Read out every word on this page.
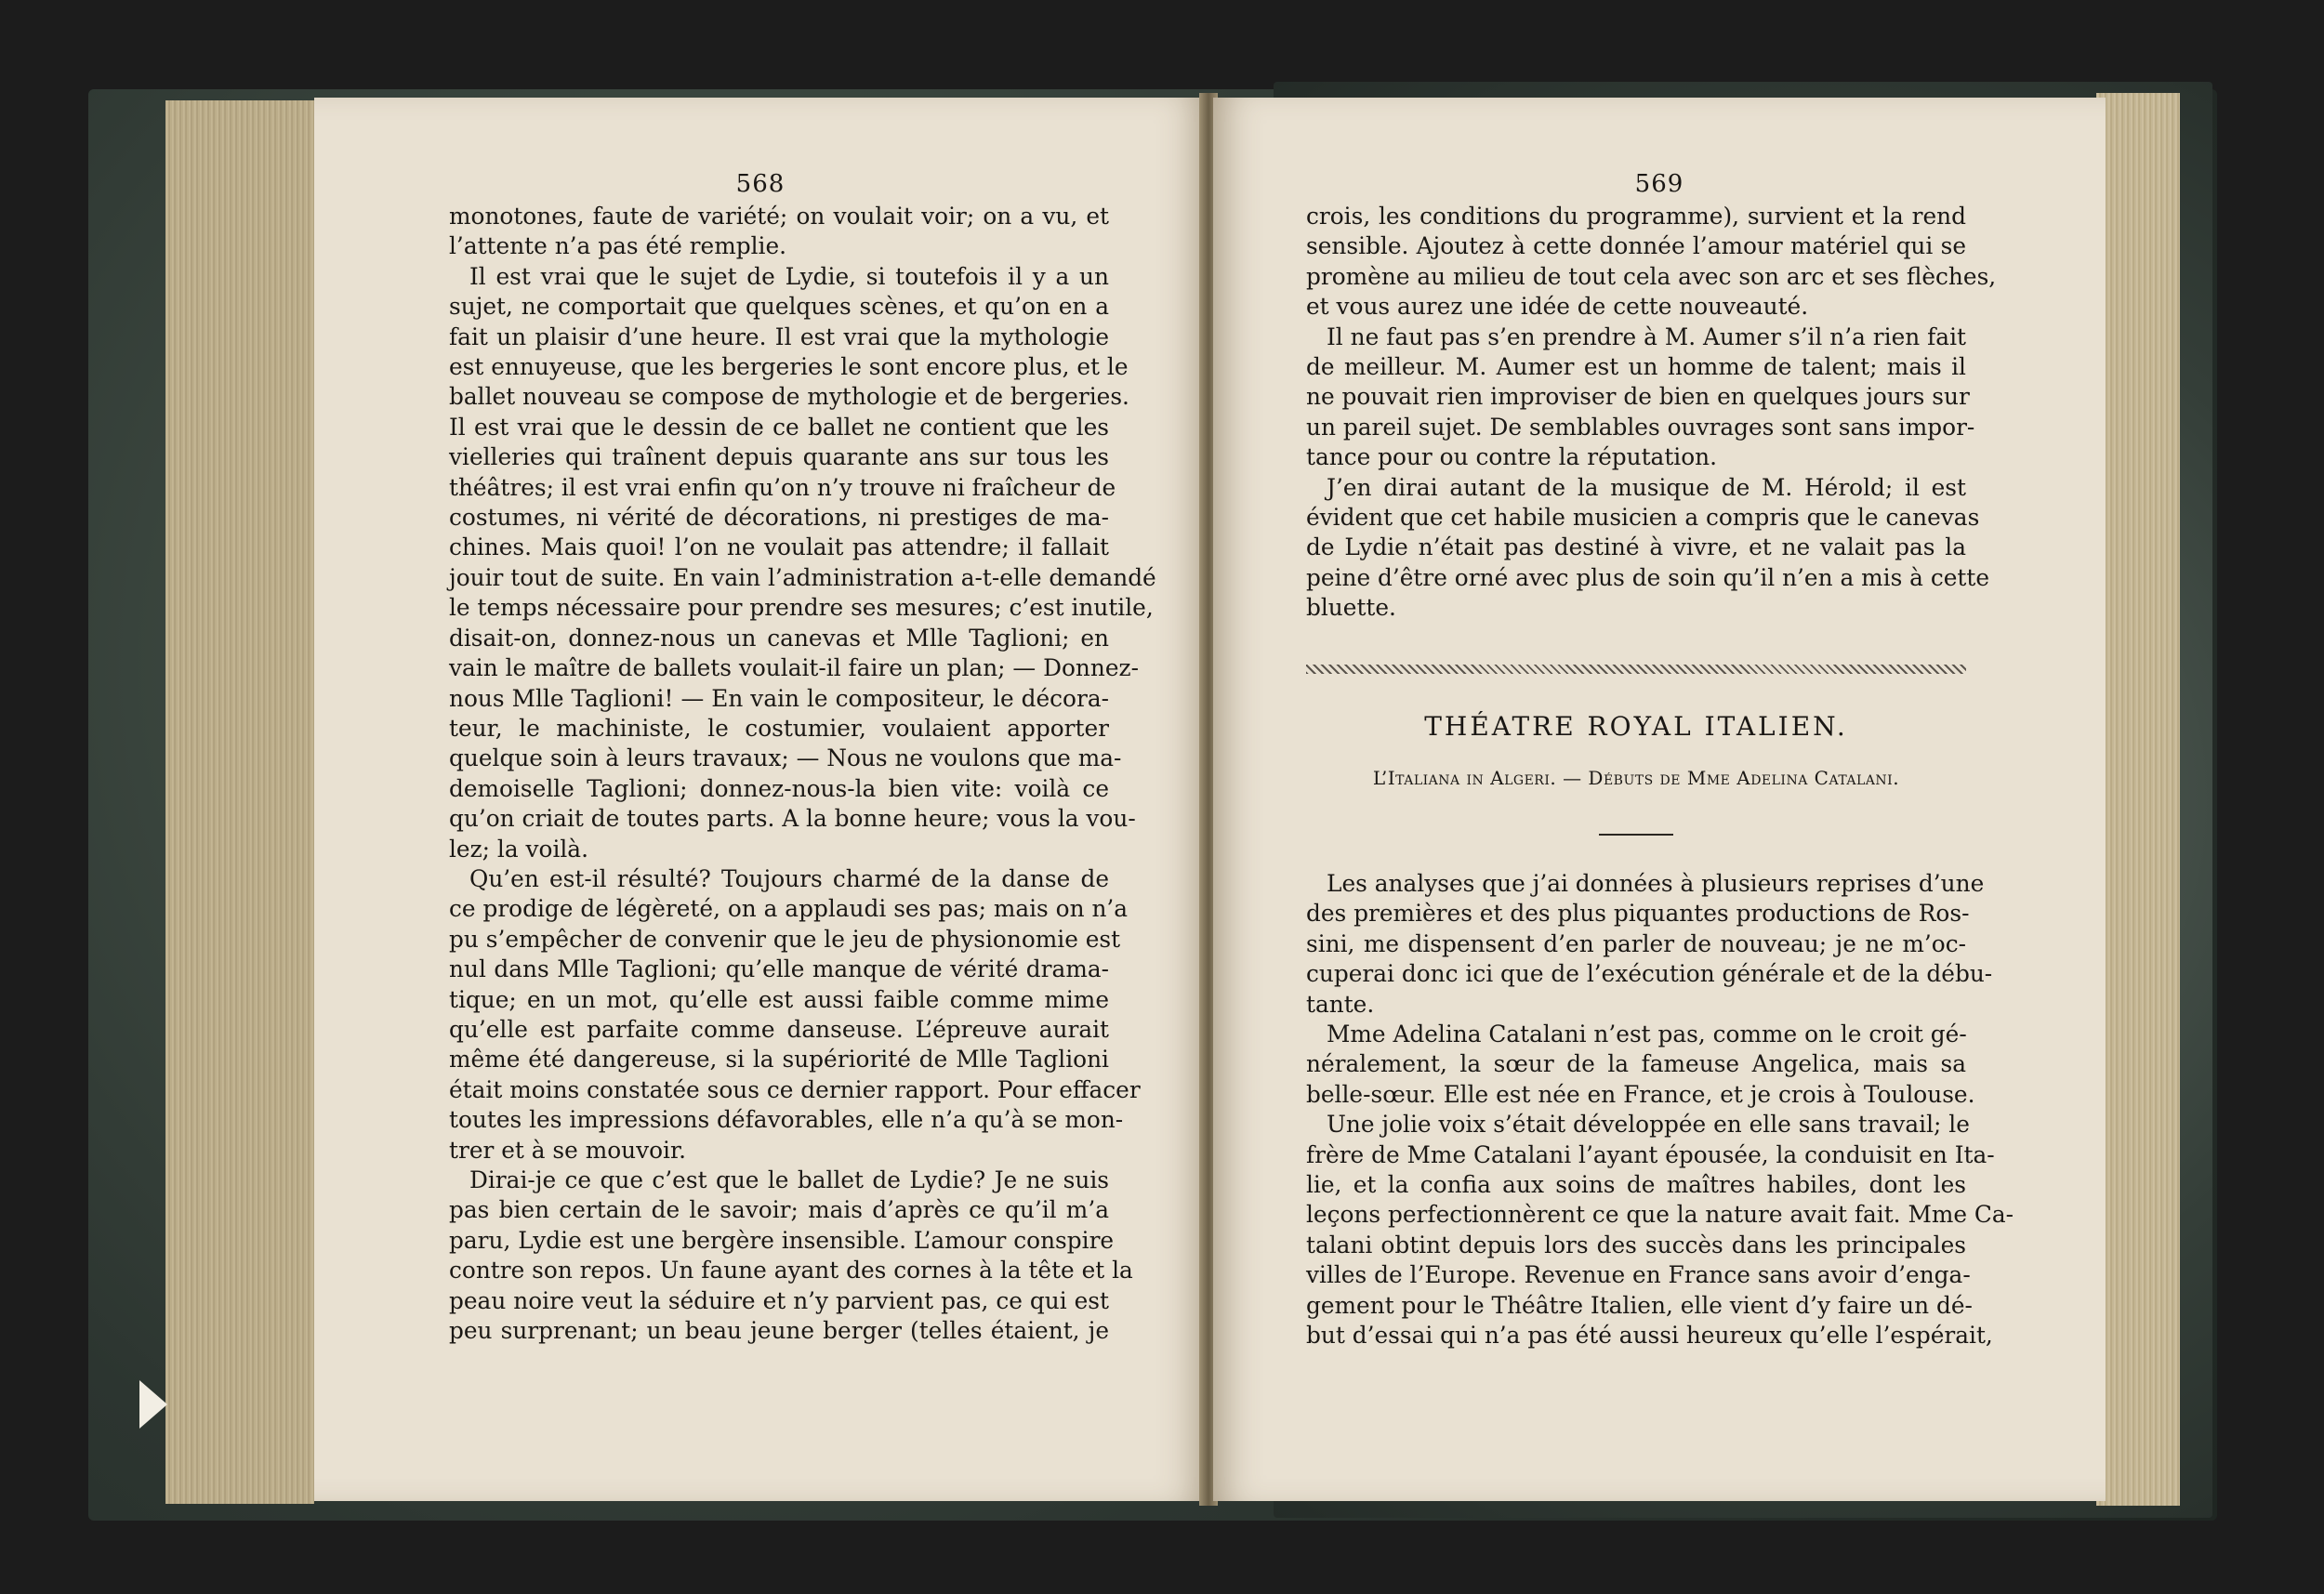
568
monotones, faute de variété; on voulait voir; on a vu, et
l’attente n’a pas été remplie.
Il est vrai que le sujet de Lydie, si toutefois il y a un
sujet, ne comportait que quelques scènes, et qu’on en a
fait un plaisir d’une heure. Il est vrai que la mythologie
est ennuyeuse, que les bergeries le sont encore plus, et le
ballet nouveau se compose de mythologie et de bergeries.
Il est vrai que le dessin de ce ballet ne contient que les
vielleries qui traînent depuis quarante ans sur tous les
théâtres; il est vrai enfin qu’on n’y trouve ni fraîcheur de
costumes, ni vérité de décorations, ni prestiges de ma-
chines. Mais quoi! l’on ne voulait pas attendre; il fallait
jouir tout de suite. En vain l’administration a-t-elle demandé
le temps nécessaire pour prendre ses mesures; c’est inutile,
disait-on, donnez-nous un canevas et Mlle Taglioni; en
vain le maître de ballets voulait-il faire un plan; — Donnez-
nous Mlle Taglioni! — En vain le compositeur, le décora-
teur, le machiniste, le costumier, voulaient apporter
quelque soin à leurs travaux; — Nous ne voulons que ma-
demoiselle Taglioni; donnez-nous-la bien vite: voilà ce
qu’on criait de toutes parts. A la bonne heure; vous la vou-
lez; la voilà.
Qu’en est-il résulté? Toujours charmé de la danse de
ce prodige de légèreté, on a applaudi ses pas; mais on n’a
pu s’empêcher de convenir que le jeu de physionomie est
nul dans Mlle Taglioni; qu’elle manque de vérité drama-
tique; en un mot, qu’elle est aussi faible comme mime
qu’elle est parfaite comme danseuse. L’épreuve aurait
même été dangereuse, si la supériorité de Mlle Taglioni
était moins constatée sous ce dernier rapport. Pour effacer
toutes les impressions défavorables, elle n’a qu’à se mon-
trer et à se mouvoir.
Dirai-je ce que c’est que le ballet de Lydie? Je ne suis
pas bien certain de le savoir; mais d’après ce qu’il m’a
paru, Lydie est une bergère insensible. L’amour conspire
contre son repos. Un faune ayant des cornes à la tête et la
peau noire veut la séduire et n’y parvient pas, ce qui est
peu surprenant; un beau jeune berger (telles étaient, je
569
crois, les conditions du programme), survient et la rend
sensible. Ajoutez à cette donnée l’amour matériel qui se
promène au milieu de tout cela avec son arc et ses flèches,
et vous aurez une idée de cette nouveauté.
Il ne faut pas s’en prendre à M. Aumer s’il n’a rien fait
de meilleur. M. Aumer est un homme de talent; mais il
ne pouvait rien improviser de bien en quelques jours sur
un pareil sujet. De semblables ouvrages sont sans impor-
tance pour ou contre la réputation.
J’en dirai autant de la musique de M. Hérold; il est
évident que cet habile musicien a compris que le canevas
de Lydie n’était pas destiné à vivre, et ne valait pas la
peine d’être orné avec plus de soin qu’il n’en a mis à cette
bluette.
THÉATRE ROYAL ITALIEN.
L’Italiana in Algeri. — Débuts de Mme Adelina Catalani.
Les analyses que j’ai données à plusieurs reprises d’une
des premières et des plus piquantes productions de Ros-
sini, me dispensent d’en parler de nouveau; je ne m’oc-
cuperai donc ici que de l’exécution générale et de la débu-
tante.
Mme Adelina Catalani n’est pas, comme on le croit gé-
néralement, la sœur de la fameuse Angelica, mais sa
belle-sœur. Elle est née en France, et je crois à Toulouse.
Une jolie voix s’était développée en elle sans travail; le
frère de Mme Catalani l’ayant épousée, la conduisit en Ita-
lie, et la confia aux soins de maîtres habiles, dont les
leçons perfectionnèrent ce que la nature avait fait. Mme Ca-
talani obtint depuis lors des succès dans les principales
villes de l’Europe. Revenue en France sans avoir d’enga-
gement pour le Théâtre Italien, elle vient d’y faire un dé-
but d’essai qui n’a pas été aussi heureux qu’elle l’espérait,
